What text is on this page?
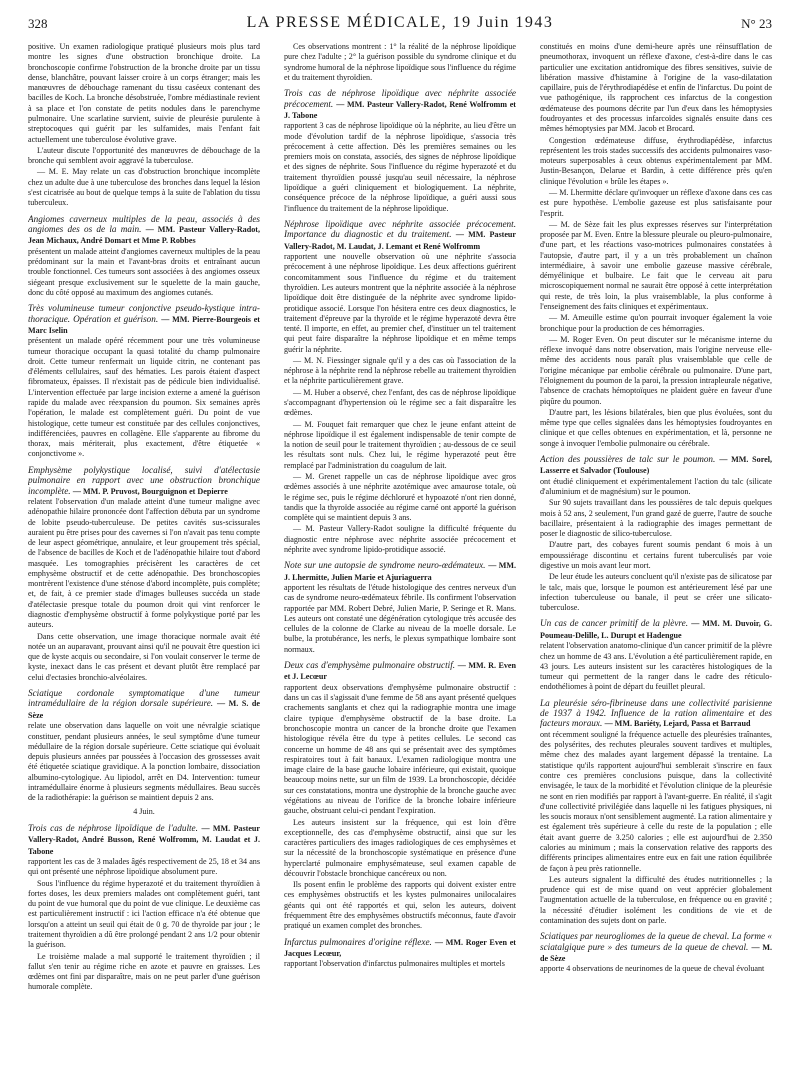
328	LA PRESSE MÉDICALE, 19 Juin 1943	N° 23

positive. Un examen radiologique pratiqué plusieurs mois plus tard montre les signes d'une obstruction bronchique droite. La bronchoscopie confirme l'obstruction de la bronche droite par un tissu dense, blanchâtre, pouvant laisser croire à un corps étranger; mais les manœuvres de débouchage ramenant du tissu caséeux contenant des bacilles de Koch. La bronche désobstruée, l'ombre médiastinale revient à sa place et l'on constate de petits nodules dans le parenchyme pulmonaire. Une scarlatine survient, suivie de pleurésie purulente à streptocoques qui guérit par les sulfamides, mais l'enfant fait actuellement une tuberculose évolutive grave.

L'auteur discute l'opportunité des manœuvres de débouchage de la bronche qui semblent avoir aggravé la tuberculose.

— M. E. May relate un cas d'obstruction bronchique incomplète chez un adulte due à une tuberculose des bronches dans lequel la lésion s'est cicatrisée au bout de quelque temps à la suite de l'ablation du tissu tuberculeux.

Angiomes caverneux multiples de la peau, associés à des angiomes des os de la main. — MM. Pasteur Vallery-Radot, Jean Michaux, André Domart et Mme P. Robbes

présentent un malade atteint d'angiomes caverneux multiples de la peau prédominant sur la main et l'avant-bras droits et entraînant aucun trouble fonctionnel. Ces tumeurs sont associées à des angiomes osseux siégeant presque exclusivement sur le squelette de la main gauche, donc du côté opposé au maximum des angiomes cutanés.

Très volumineuse tumeur conjonctive pseudo-kystique intra-thoracique. Opération et guérison. — MM. Pierre-Bourgeois et Marc Iselin

présentent un malade opéré récemment pour une très volumineuse tumeur thoracique occupant la quasi totalité du champ pulmonaire droit. Cette tumeur renfermait un liquide citrin, ne contenant pas d'éléments cellulaires, sauf des hématies. Les parois étaient d'aspect fibromateux, épaisses. Il n'existait pas de pédicule bien individualisé. L'intervention effectuée par large incision externe a amené la guérison rapide du malade avec réexpansion du poumon. Six semaines après l'opération, le malade est complètement guéri. Du point de vue histologique, cette tumeur est constituée par des cellules conjonctives, indifférenciées, pauvres en collagène. Elle s'apparente au fibrome du thorax, mais mériterait, plus exactement, d'être étiquetée « conjonctivome ».

Emphysème polykystique localisé, suivi d'atélectasie pulmonaire en rapport avec une obstruction bronchique incomplète. — MM. P. Pruvost, Bourguignon et Depierre

relatent l'observation d'un malade atteint d'une tumeur maligne avec adénopathie hilaire prononcée dont l'affection débuta par un syndrome de lobite pseudo-tuberculeuse. De petites cavités sus-scissurales auraient pu être prises pour des cavernes si l'on n'avait pas tenu compte de leur aspect géométrique, annulaire, et leur groupement très spécial, de l'absence de bacilles de Koch et de l'adénopathie hilaire tout d'abord masquée. Les tomographies précisèrent les caractères de cet emphysème obstructif et de cette adénopathie. Des bronchoscopies montrèrent l'existence d'une sténose d'abord incomplète, puis complète; et, de fait, à ce premier stade d'images bulleuses succéda un stade d'atélectasie presque totale du poumon droit qui vint renforcer le diagnostic d'emphysème obstructif à forme polykystique porté par les auteurs.

Dans cette observation, une image thoracique normale avait été notée un an auparavant, prouvant ainsi qu'il ne pouvait être question ici que de kyste acquis ou secondaire, si l'on voulait conserver le terme de kyste, inexact dans le cas présent et devant plutôt être remplacé par celui d'ectasies bronchio-alvéolaires.

Sciatique cordonale symptomatique d'une tumeur intramédullaire de la région dorsale supérieure. — M. S. de Sèze

relate une observation dans laquelle on voit une névralgie sciatique constituer, pendant plusieurs années, le seul symptôme d'une tumeur médullaire de la région dorsale supérieure. Cette sciatique qui évoluait depuis plusieurs années par poussées à l'occasion des grossesses avait été étiquetée sciatique gravidique. A la ponction lombaire, dissociation albumino-cytologique. Au lipiodol, arrêt en D4. Intervention: tumeur intramédullaire énorme à plusieurs segments médullaires. Beau succès de la radiothérapie: la guérison se maintient depuis 2 ans.

4 Juin.

Trois cas de néphrose lipoïdique de l'adulte. — MM. Pasteur Vallery-Radot, André Busson, René Wolfromm, M. Laudat et J. Tabone

rapportent les cas de 3 malades âgés respectivement de 25, 18 et 34 ans qui ont présenté une néphrose lipoïdique absolument pure.

Sous l'influence du régime hyperazoté et du traitement thyroïdien à fortes doses, les deux premiers malades ont complètement guéri, tant du point de vue humoral que du point de vue clinique. Le deuxième cas est particulièrement instructif : ici l'action efficace n'a été obtenue que lorsqu'on a atteint un seuil qui était de 0 g. 70 de thyroïde par jour ; le traitement thyroïdien a dû être prolongé pendant 2 ans 1/2 pour obtenir la guérison.

Le troisième malade a mal supporté le traitement thyroïdien ; il fallut s'en tenir au régime riche en azote et pauvre en graisses. Les œdèmes ont fini par disparaître, mais on ne peut parler d'une guérison humorale complète.

Ces observations montrent : 1° la réalité de la néphrose lipoïdique pure chez l'adulte ; 2° la guérison possible du syndrome clinique et du syndrome humoral de la néphrose lipoïdique sous l'influence du régime et du traitement thyroïdien.

Trois cas de néphrose lipoïdique avec néphrite associée précocement. — MM. Pasteur Vallery-Radot, René Wolfromm et J. Tabone

rapportent 3 cas de néphrose lipoïdique où la néphrite, au lieu d'être un mode d'évolution tardif de la néphrose lipoïdique, s'associa très précocement à cette affection. Dès les premières semaines ou les premiers mois on constata, associés, des signes de néphrose lipoïdique et des signes de néphrite. Sous l'influence du régime hyperazoté et du traitement thyroïdien poussé jusqu'au seuil nécessaire, la néphrose lipoïdique a guéri cliniquement et biologiquement. La néphrite, conséquence précoce de la néphrose lipoïdique, a guéri aussi sous l'influence du traitement de la néphrose lipoïdique.

Néphrose lipoïdique avec néphrite associée précocement. Importance du diagnostic et du traitement. — MM. Pasteur Vallery-Radot, M. Laudat, J. Lemant et René Wolfromm

rapportent une nouvelle observation où une néphrite s'associa précocement à une néphrose lipoïdique. Les deux affections guérirent concomitamment sous l'influence du régime et du traitement thyroïdien. Les auteurs montrent que la néphrite associée à la néphrose lipoïdique doit être distinguée de la néphrite avec syndrome lipido-protidique associé. Lorsque l'on hésitera entre ces deux diagnostics, le traitement d'épreuve par la thyroïde et le régime hyperazoté devra être tenté. Il importe, en effet, au premier chef, d'instituer un tel traitement qui peut faire disparaître la néphrose lipoïdique et en même temps guérir la néphrite.

— M. N. Fiessinger signale qu'il y a des cas où l'association de la néphrose à la néphrite rend la néphrose rebelle au traitement thyroïdien et la néphrite particulièrement grave.

— M. Huber a observé, chez l'enfant, des cas de néphrose lipoïdique s'accompagnant d'hypertension où le régime sec a fait disparaître les œdèmes.

— M. Fouquet fait remarquer que chez le jeune enfant atteint de néphrose lipoïdique il est également indispensable de tenir compte de la notion de seuil pour le traitement thyroïdien ; au-dessous de ce seuil les résultats sont nuls. Chez lui, le régime hyperazoté peut être remplacé par l'administration du coagulum de lait.

— M. Grenet rappelle un cas de néphrose lipoïdique avec gros œdèmes associés à une néphrite azotémique avec amaurose totale, où le régime sec, puis le régime déchloruré et hypoazoté n'ont rien donné, tandis que la thyroïde associée au régime carné ont apporté la guérison complète qui se maintient depuis 3 ans.

— M. Pasteur Vallery-Radot souligne la difficulté fréquente du diagnostic entre néphrose avec néphrite associée précocement et néphrite avec syndrome lipido-protidique associé.

Note sur une autopsie de syndrome neuro-œdémateux. — MM. J. Lhermitte, Julien Marie et Ajuriaguerra

apportent les résultats de l'étude histologique des centres nerveux d'un cas de syndrome neuro-œdémateux fébrile. Ils confirment l'observation rapportée par MM. Robert Debré, Julien Marie, P. Seringe et R. Mans. Les auteurs ont constaté une dégénération cytologique très accusée des cellules de la colonne de Clarke au niveau de la moelle dorsale. Le bulbe, la protubérance, les nerfs, le plexus sympathique lombaire sont normaux.

Deux cas d'emphysème pulmonaire obstructif. — MM. R. Even et J. Lecœur

rapportent deux observations d'emphysème pulmonaire obstructif : dans un cas il s'agissait d'une femme de 58 ans ayant présenté quelques crachements sanglants et chez qui la radiographie montra une image claire typique d'emphysème obstructif de la base droite. La bronchoscopie montra un cancer de la bronche droite que l'examen histologique révéla être du type à petites cellules. Le second cas concerne un homme de 48 ans qui se présentait avec des symptômes respiratoires tout à fait banaux. L'examen radiologique montra une image claire de la base gauche lobaire inférieure, qui existait, quoique beaucoup moins nette, sur un film de 1939. La bronchoscopie, décidée sur ces constatations, montra une dystrophie de la bronche gauche avec végétations au niveau de l'orifice de la bronche lobaire inférieure gauche, obstruant celui-ci pendant l'expiration.

Les auteurs insistent sur la fréquence, qui est loin d'être exceptionnelle, des cas d'emphysème obstructif, ainsi que sur les caractères particuliers des images radiologiques de ces emphysèmes et sur la nécessité de la bronchoscopie systématique en présence d'une hyperclarté pulmonaire emphysémateuse, seul examen capable de découvrir l'obstacle bronchique cancéreux ou non.

Ils posent enfin le problème des rapports qui doivent exister entre ces emphysèmes obstructifs et les kystes pulmonaires unilocalaires géants qui ont été rapportés et qui, selon les auteurs, doivent fréquemment être des emphysèmes obstructifs méconnus, faute d'avoir pratiqué un examen complet des bronches.

Infarctus pulmonaires d'origine réflexe. — MM. Roger Even et Jacques Lecœur,

rapportant l'observation d'infarctus pulmonaires multiples et mortels

constitués en moins d'une demi-heure après une réinsufflation de pneumothorax, invoquent un réflexe d'axone, c'est-à-dire dans le cas particulier une excitation antidromique des fibres sensitives, suivie de libération massive d'histamine à l'origine de la vaso-dilatation capillaire, puis de l'érythrodiapédèse et enfin de l'infarctus. Du point de vue pathogénique, ils rapprochent ces infarctus de la congestion œdémateuse des poumons décrite par l'un d'eux dans les hémoptysies foudroyantes et des processus infarcoïdes signalés ensuite dans ces mêmes hémoptysies par MM. Jacob et Brocard.

Congestion œdémateuse diffuse, érythrodiapédèse, infarctus représentent les trois stades successifs des accidents pulmonaires vaso-moteurs superposables à ceux obtenus expérimentalement par MM. Justin-Besançon, Delarue et Bardin, à cette différence près qu'en clinique l'évolution « brûle les étapes ».

— M. Lhermitte déclare qu'invoquer un réflexe d'axone dans ces cas est pure hypothèse. L'embolie gazeuse est plus satisfaisante pour l'esprit.

— M. de Sèze fait les plus expresses réserves sur l'interprétation proposée par M. Even. Entre la blessure pleurale ou pleuro-pulmonaire, d'une part, et les réactions vaso-motrices pulmonaires constatées à l'autopsie, d'autre part, il y a un très probablement un chaînon intermédiaire, à savoir une embolie gazeuse massive cérébrale, démyélinique et bulbaire. Le fait que le cerveau ait paru microscopiquement normal ne saurait être opposé à cette interprétation qui reste, de très loin, la plus vraisemblable, la plus conforme à l'enseignement des faits cliniques et expérimentaux.

— M. Ameuille estime qu'on pourrait invoquer également la voie bronchique pour la production de ces hémorragies.

— M. Roger Even. On peut discuter sur le mécanisme interne du réflexe invoqué dans notre observation, mais l'origine nerveuse elle-même des accidents nous paraît plus vraisemblable que celle de l'origine mécanique par embolie cérébrale ou pulmonaire. D'une part, l'éloignement du poumon de la paroi, la pression intrapleurale négative, l'absence de crachats hémoptoïques ne plaident guère en faveur d'une piqûre du poumon.

D'autre part, les lésions bilatérales, bien que plus évoluées, sont du même type que celles signalées dans les hémoptysies foudroyantes en clinique et que celles obtenues en expérimentation, et là, personne ne songe à invoquer l'embolie pulmonaire ou cérébrale.

Action des poussières de talc sur le poumon. — MM. Sorel, Lasserre et Salvador (Toulouse)

ont étudié cliniquement et expérimentalement l'action du talc (silicate d'aluminium et de magnésium) sur le poumon.

Sur 90 sujets travaillant dans les poussières de talc depuis quelques mois à 52 ans, 2 seulement, l'un grand gazé de guerre, l'autre de souche bacillaire, présentaient à la radiographie des images permettant de poser le diagnostic de silico-tuberculose.

D'autre part, des cobayes furent soumis pendant 6 mois à un empoussiérage discontinu et certains furent tuberculisés par voie digestive un mois avant leur mort.

De leur étude les auteurs concluent qu'il n'existe pas de silicatose par le talc, mais que, lorsque le poumon est antérieurement lésé par une infection tuberculeuse ou banale, il peut se créer une silicato-tuberculose.

Un cas de cancer primitif de la plèvre. — MM. M. Duvoir, G. Poumeau-Delille, L. Durupt et Hadengue

relatent l'observation anatomo-clinique d'un cancer primitif de la plèvre chez un homme de 43 ans. L'évolution a été particulièrement rapide, en 43 jours. Les auteurs insistent sur les caractères histologiques de la tumeur qui permettent de la ranger dans le cadre des réticulo-endothéliomes à point de départ du feuillet pleural.

La pleurésie séro-fibrineuse dans une collectivité parisienne de 1937 à 1942. Influence de la ration alimentaire et des facteurs moraux. — MM. Bariéty, Lejard, Passa et Barraud

ont récemment souligné la fréquence actuelle des pleurésies traînantes, des polysérites, des rechutes pleurales souvent tardives et multiples, même chez des malades ayant largement dépassé la trentaine. La statistique qu'ils rapportent aujourd'hui semblerait s'inscrire en faux contre ces premières conclusions puisque, dans la collectivité envisagée, le taux de la morbidité et l'évolution clinique de la pleurésie ne sont en rien modifiés par rapport à l'avant-guerre. En réalité, il s'agit d'une collectivité privilégiée dans laquelle ni les fatigues physiques, ni les soucis moraux n'ont sensiblement augmenté. La ration alimentaire y est également très supérieure à celle du reste de la population ; elle était avant guerre de 3.250 calories ; elle est aujourd'hui de 2.350 calories au minimum ; mais la conservation relative des rapports des différents principes alimentaires entre eux en fait une ration équilibrée de façon à peu près rationnelle.

Les auteurs signalent la difficulté des études nutritionnelles ; la prudence qui est de mise quand on veut apprécier globalement l'augmentation actuelle de la tuberculose, en fréquence ou en gravité ; la nécessité d'étudier isolément les conditions de vie et de contamination des sujets dont on parle.

Sciatiques par neurogliomes de la queue de cheval. La forme « sciatalgique pure » des tumeurs de la queue de cheval. — M. de Sèze

apporte 4 observations de neurinomes de la queue de cheval évoluant
